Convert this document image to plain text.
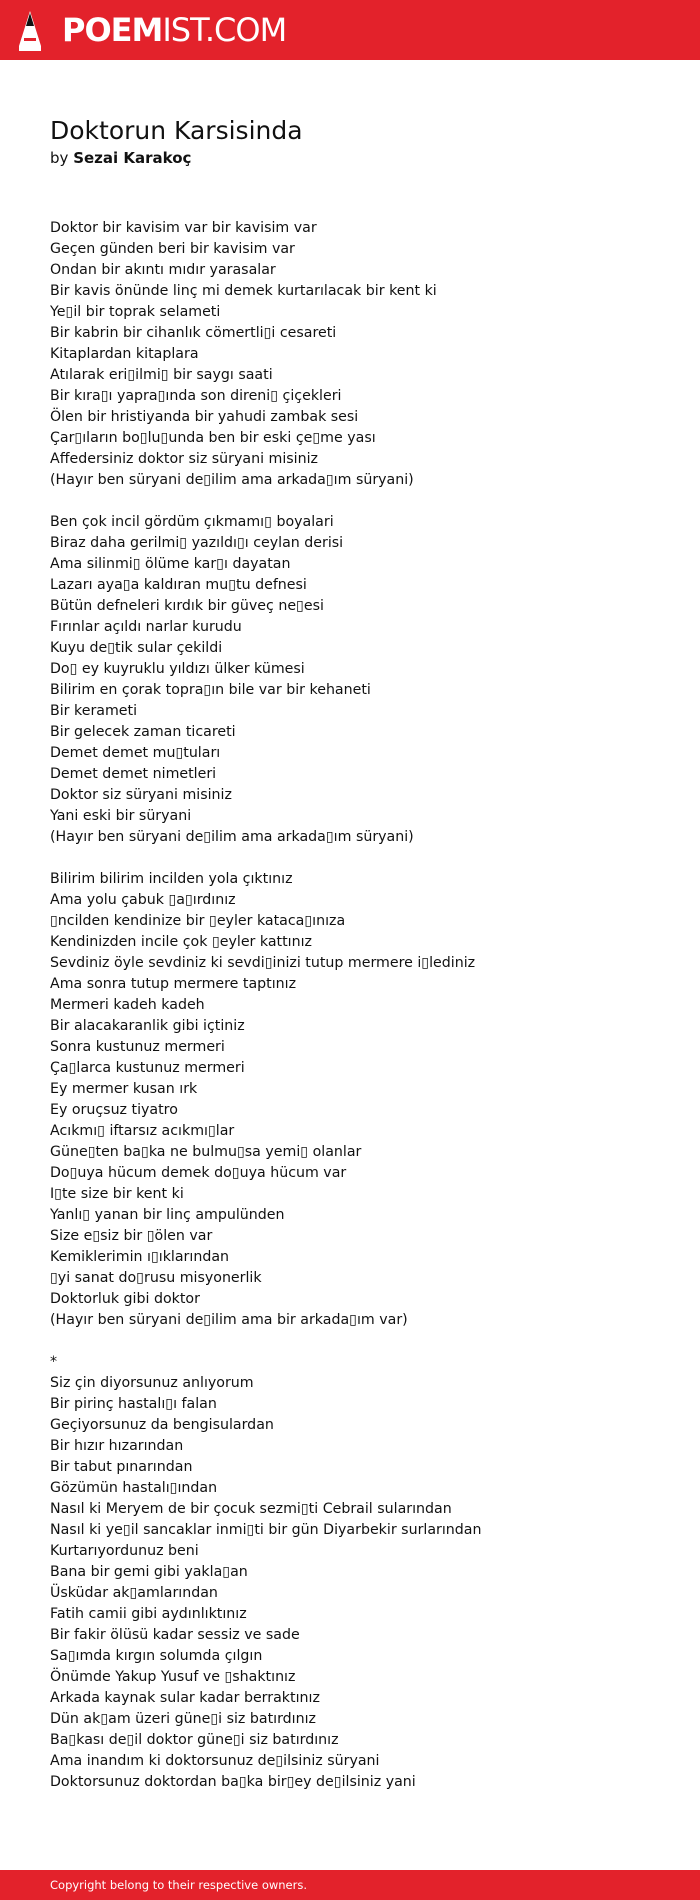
POEMIST.COM
Doktorun Karsisinda
by Sezai Karakoç
Doktor bir kavisim var bir kavisim var
Geçen günden beri bir kavisim var
Ondan bir akıntı mıdır yarasalar
Bir kavis önünde linç mi demek kurtarılacak bir kent ki
Ye▯il bir toprak selameti
Bir kabrin bir cihanlık cömertli▯i cesareti
Kitaplardan kitaplara
Atılarak eri▯ilmi▯ bir saygı saati
Bir kıra▯ı yapra▯ında son direni▯ çiçekleri
Ölen bir hristiyanda bir yahudi zambak sesi
Çar▯ıların bo▯lu▯unda ben bir eski çe▯me yası
Affedersiniz doktor siz süryani misiniz
(Hayır ben süryani de▯ilim ama arkada▯ım süryani)
Ben çok incil gördüm çıkmamı▯ boyalari
Biraz daha gerilmi▯ yazıldı▯ı ceylan derisi
Ama silinmi▯ ölüme kar▯ı dayatan
Lazarı aya▯a kaldıran mu▯tu defnesi
Bütün defneleri kırdık bir güveç ne▯esi
Fırınlar açıldı narlar kurudu
Kuyu de▯tik sular çekildi
Do▯ ey kuyruklu yıldızı ülker kümesi
Bilirim en çorak topra▯ın bile var bir kehaneti
Bir kerameti
Bir gelecek zaman ticareti
Demet demet mu▯tuları
Demet demet nimetleri
Doktor siz süryani misiniz
Yani eski bir süryani
(Hayır ben süryani de▯ilim ama arkada▯ım süryani)
Bilirim bilirim incilden yola çıktınız
Ama yolu çabuk ▯a▯ırdınız
▯ncilden kendinize bir ▯eyler kataca▯ınıza
Kendinizden incile çok ▯eyler kattınız
Sevdiniz öyle sevdiniz ki sevdi▯inizi tutup mermere i▯lediniz
Ama sonra tutup mermere taptınız
Mermeri kadeh kadeh
Bir alacakaranlik gibi içtiniz
Sonra kustunuz mermeri
Ça▯larca kustunuz mermeri
Ey mermer kusan ırk
Ey oruçsuz tiyatro
Acıkmı▯ iftarsız acıkmı▯lar
Güne▯ten ba▯ka ne bulmu▯sa yemi▯ olanlar
Do▯uya hücum demek do▯uya hücum var
I▯te size bir kent ki
Yanlı▯ yanan bir linç ampulünden
Size e▯siz bir ▯ölen var
Kemiklerimin ı▯ıklarından
▯yi sanat do▯rusu misyonerlik
Doktorluk gibi doktor
(Hayır ben süryani de▯ilim ama bir arkada▯ım var)
*
Siz çin diyorsunuz anlıyorum
Bir pirinç hastalı▯ı falan
Geçiyorsunuz da bengisulardan
Bir hızır hızarından
Bir tabut pınarından
Gözümün hastalı▯ından
Nasıl ki Meryem de bir çocuk sezmi▯ti Cebrail sularından
Nasıl ki ye▯il sancaklar inmi▯ti bir gün Diyarbekir surlarından
Kurtarıyordunuz beni
Bana bir gemi gibi yakla▯an
Üsküdar ak▯amlarından
Fatih camii gibi aydınlıktınız
Bir fakir ölüsü kadar sessiz ve sade
Sa▯ımda kırgın solumda çılgın
Önümde Yakup Yusuf ve ▯shaktınız
Arkada kaynak sular kadar berraktınız
Dün ak▯am üzeri güne▯i siz batırdınız
Ba▯kası de▯il doktor güne▯i siz batırdınız
Ama inandım ki doktorsunuz de▯ilsiniz süryani
Doktorsunuz doktordan ba▯ka bir▯ey de▯ilsiniz yani
Copyright belong to their respective owners.
